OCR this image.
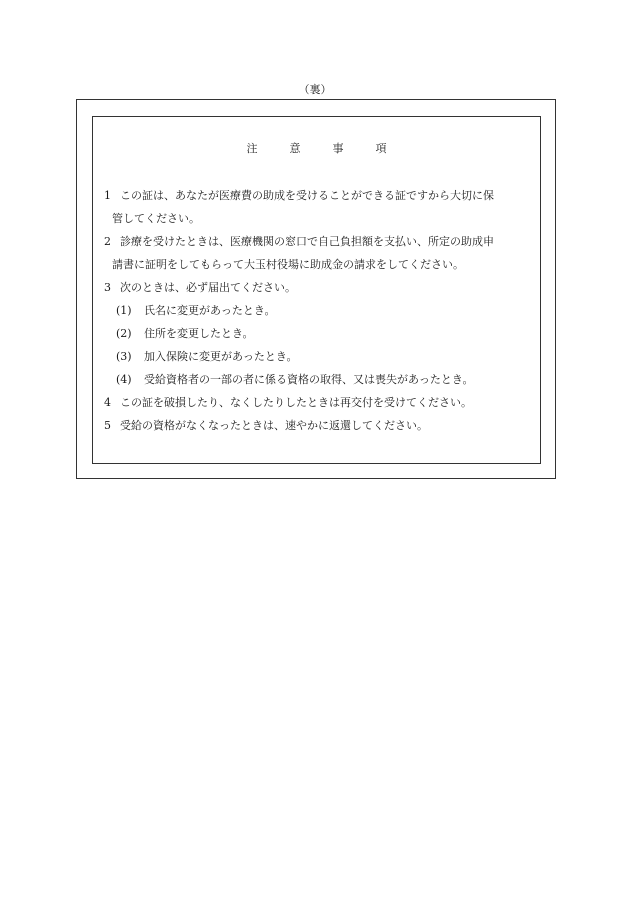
（裏）
注	意	事	項
1 この証は、あなたが医療費の助成を受けることができる証ですから大切に保
管してください。
2 診療を受けたときは、医療機関の窓口で自己負担額を支払い、所定の助成申
請書に証明をしてもらって大玉村役場に助成金の請求をしてください。
3 次のときは、必ず届出てください。
(1)	氏名に変更があったとき。
(2)	住所を変更したとき。
(3)	加入保険に変更があったとき。
(4)	受給資格者の一部の者に係る資格の取得、又は喪失があったとき。
4 この証を破損したり、なくしたりしたときは再交付を受けてください。
5 受給の資格がなくなったときは、速やかに返還してください。
